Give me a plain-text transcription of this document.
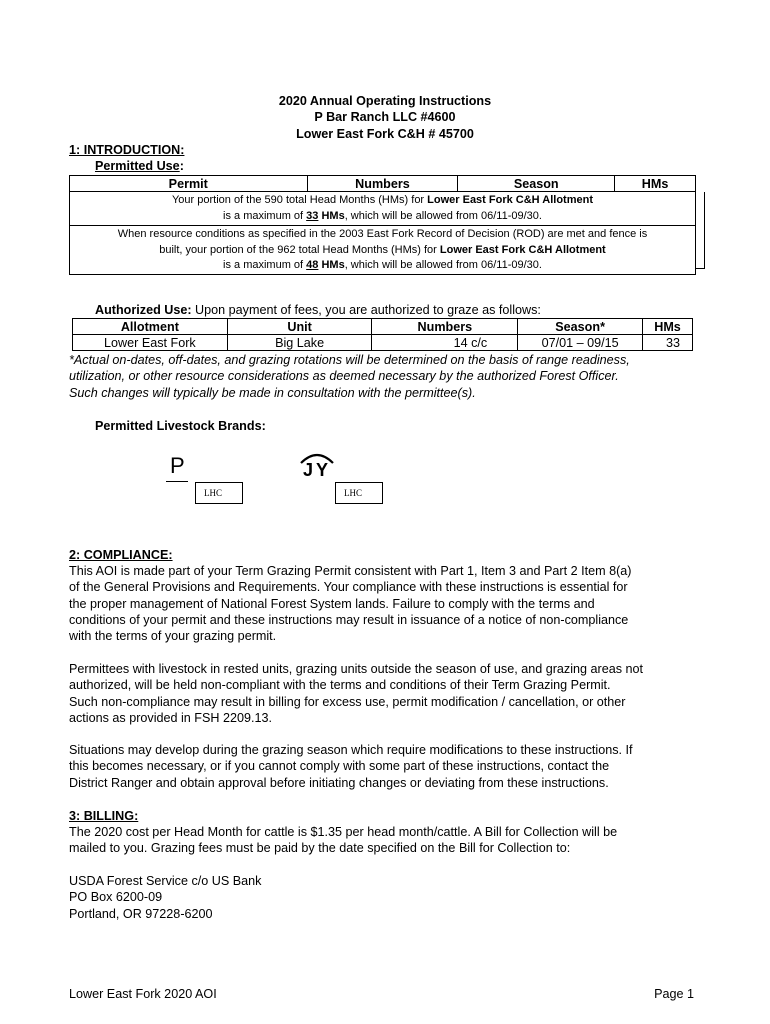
2020 Annual Operating Instructions
P Bar Ranch LLC #4600
Lower East Fork C&H # 45700
1: INTRODUCTION:
Permitted Use:
Permit	Numbers	Season	HMs
Your portion of the 590 total Head Months (HMs) for Lower East Fork C&H Allotment
is a maximum of 33 HMs, which will be allowed from 06/11-09/30.
When resource conditions as specified in the 2003 East Fork Record of Decision (ROD) are met and fence is
built, your portion of the 962 total Head Months (HMs) for Lower East Fork C&H Allotment
is a maximum of 48 HMs, which will be allowed from 06/11-09/30.
Authorized Use: Upon payment of fees, you are authorized to graze as follows:
Allotment	Unit	Numbers	Season*	HMs
Lower East Fork	Big Lake	14 c/c	07/01 – 09/15	33
*Actual on-dates, off-dates, and grazing rotations will be determined on the basis of range readiness,
utilization, or other resource considerations as deemed necessary by the authorized Forest Officer.
Such changes will typically be made in consultation with the permittee(s).
Permitted Livestock Brands:
P
LHC
JY
LHC
2: COMPLIANCE:
This AOI is made part of your Term Grazing Permit consistent with Part 1, Item 3 and Part 2 Item 8(a)
of the General Provisions and Requirements. Your compliance with these instructions is essential for
the proper management of National Forest System lands. Failure to comply with the terms and
conditions of your permit and these instructions may result in issuance of a notice of non-compliance
with the terms of your grazing permit.
Permittees with livestock in rested units, grazing units outside the season of use, and grazing areas not
authorized, will be held non-compliant with the terms and conditions of their Term Grazing Permit.
Such non-compliance may result in billing for excess use, permit modification / cancellation, or other
actions as provided in FSH 2209.13.
Situations may develop during the grazing season which require modifications to these instructions. If
this becomes necessary, or if you cannot comply with some part of these instructions, contact the
District Ranger and obtain approval before initiating changes or deviating from these instructions.
3: BILLING:
The 2020 cost per Head Month for cattle is $1.35 per head month/cattle. A Bill for Collection will be
mailed to you. Grazing fees must be paid by the date specified on the Bill for Collection to:
USDA Forest Service c/o US Bank
PO Box 6200-09
Portland, OR 97228-6200
Lower East Fork 2020 AOI	Page 1
